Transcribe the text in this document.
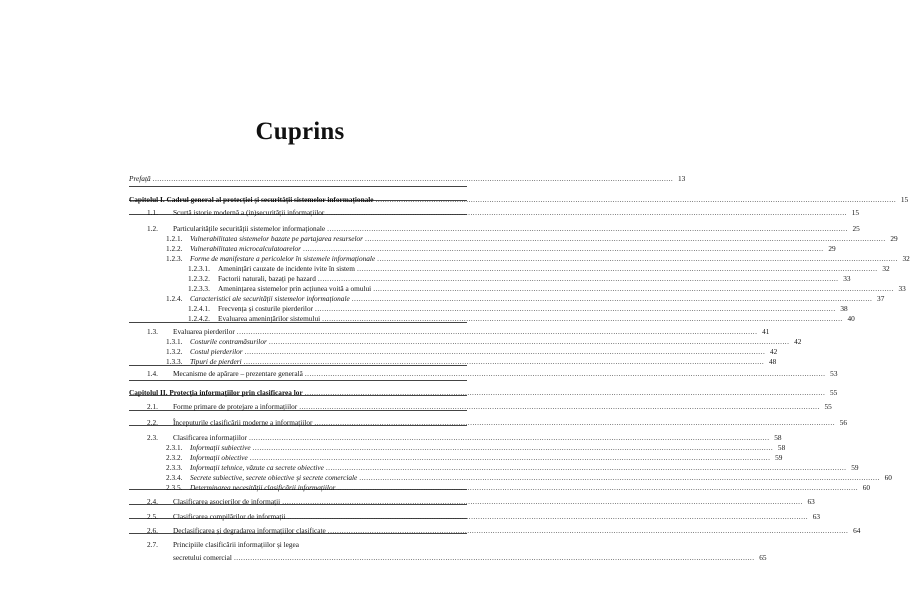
Cuprins
Prefață .....	13
Capitolul I. Cadrul general al protecției și securității sistemelor informaționale .....	15
1.1.	Scurtă istorie modernă a (in)securității informațiilor .....	15
1.2.	Particularitățile securității sistemelor informaționale .....	25
1.2.1.	Vulnerabilitatea sistemelor bazate pe partajarea resurselor .....	29
1.2.2.	Vulnerabilitatea microcalculatoarelor .....	29
1.2.3.	Forme de manifestare a pericolelor în sistemele informaționale .....	32
1.2.3.1.	Amenințări cauzate de incidente ivite în sistem .....	32
1.2.3.2.	Factorii naturali, bazați pe hazard .....	33
1.2.3.3.	Amenințarea sistemelor prin acțiunea voită a omului .....	33
1.2.4.	Caracteristici ale securității sistemelor informaționale .....	37
1.2.4.1.	Frecvența și costurile pierderilor .....	38
1.2.4.2.	Evaluarea amenințărilor sistemului .....	40
1.3.	Evaluarea pierderilor .....	41
1.3.1.	Costurile contramăsurilor .....	42
1.3.2.	Costul pierderilor .....	42
1.3.3.	Tipuri de pierderi .....	48
1.4.	Mecanisme de apărare – prezentare generală .....	53
Capitolul II. Protecția informațiilor prin clasificarea lor .....	55
2.1.	Forme primare de protejare a informațiilor .....	55
2.2.	Începuturile clasificării moderne a informațiilor .....	56
2.3.	Clasificarea informațiilor .....	58
2.3.1.	Informații subiective .....	58
2.3.2.	Informații obiective .....	59
2.3.3.	Informații tehnice, văzute ca secrete obiective .....	59
2.3.4.	Secrete subiective, secrete obiective și secrete comerciale .....	60
2.3.5.	Determinarea necesității clasificării informațiilor .....	60
2.4.	Clasificarea asocierilor de informații .....	63
2.5.	Clasificarea compilărilor de informații .....	63
2.6.	Declasificarea și degradarea informațiilor clasificate .....	64
2.7.	Principiile clasificării informațiilor și legea
secretului comercial .....	65
